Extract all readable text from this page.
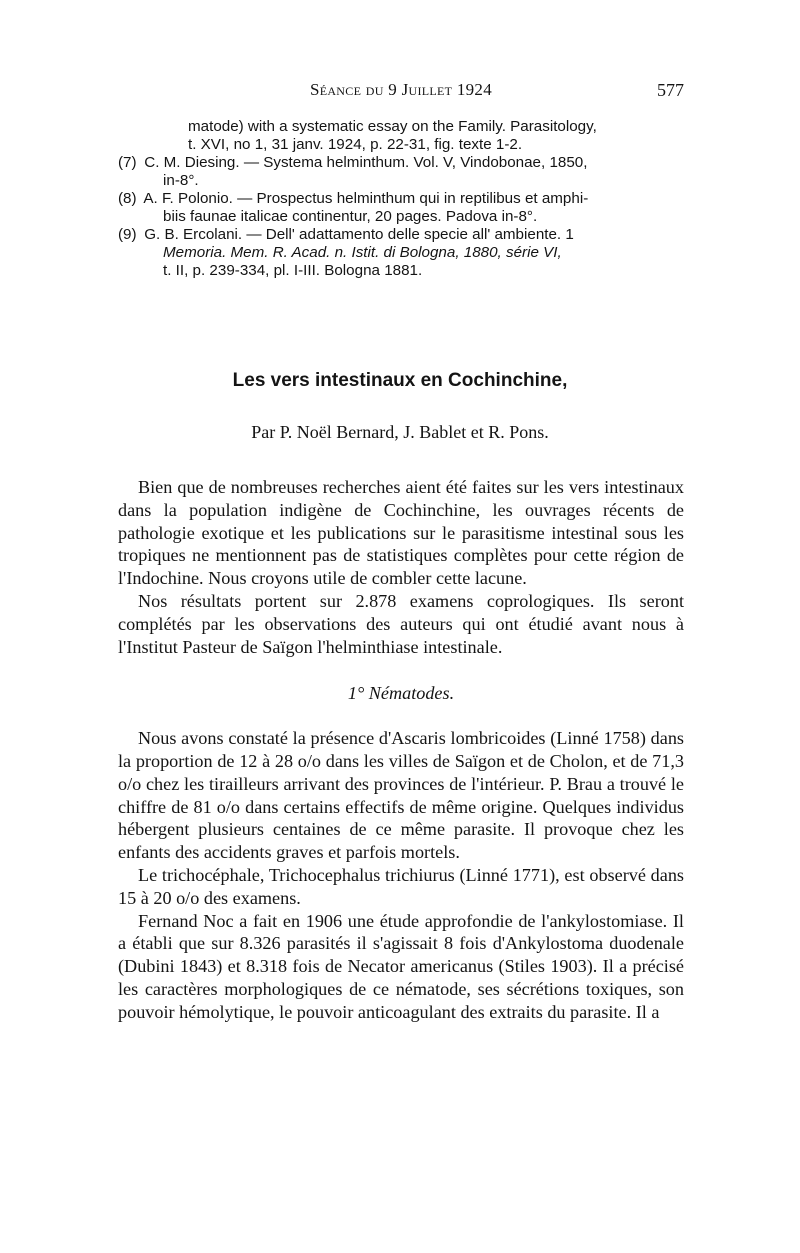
Séance du 9 Juillet 1924	577
matode) with a systematic essay on the Family. Parasitology,
t. XVI, no 1, 31 janv. 1924, p. 22-31, fig. texte 1-2.
(7) C. M. Diesing. — Systema helminthum. Vol. V, Vindobonae, 1850,
in-8°.
(8) A. F. Polonio. — Prospectus helminthum qui in reptilibus et amphi-
biis faunae italicae continentur, 20 pages. Padova in-8°.
(9) G. B. Ercolani. — Dell' adattamento delle specie all' ambiente. 1
Memoria. Mem. R. Acad. n. Istit. di Bologna, 1880, série VI,
t. II, p. 239-334, pl. I-III. Bologna 1881.
Les vers intestinaux en Cochinchine,
Par P. Noël Bernard, J. Bablet et R. Pons.

Bien que de nombreuses recherches aient été faites sur les vers intestinaux dans la population indigène de Cochinchine, les ouvrages récents de pathologie exotique et les publications sur le parasitisme intestinal sous les tropiques ne mentionnent pas de statistiques complètes pour cette région de l'Indochine. Nous croyons utile de combler cette lacune.

Nos résultats portent sur 2.878 examens coprologiques. Ils seront complétés par les observations des auteurs qui ont étudié avant nous à l'Institut Pasteur de Saïgon l'helminthiase intestinale.

1° Nématodes.

Nous avons constaté la présence d'Ascaris lombricoides (Linné 1758) dans la proportion de 12 à 28 o/o dans les villes de Saïgon et de Cholon, et de 71,3 o/o chez les tirailleurs arrivant des provinces de l'intérieur. P. Brau a trouvé le chiffre de 81 o/o dans certains effectifs de même origine. Quelques individus hébergent plusieurs centaines de ce même parasite. Il provoque chez les enfants des accidents graves et parfois mortels.

Le trichocéphale, Trichocephalus trichiurus (Linné 1771), est observé dans 15 à 20 o/o des examens.

Fernand Noc a fait en 1906 une étude approfondie de l'ankylostomiase. Il a établi que sur 8.326 parasités il s'agissait 8 fois d'Ankylostoma duodenale (Dubini 1843) et 8.318 fois de Necator americanus (Stiles 1903). Il a précisé les caractères morphologiques de ce nématode, ses sécrétions toxiques, son pouvoir hémolytique, le pouvoir anticoagulant des extraits du parasite. Il a
